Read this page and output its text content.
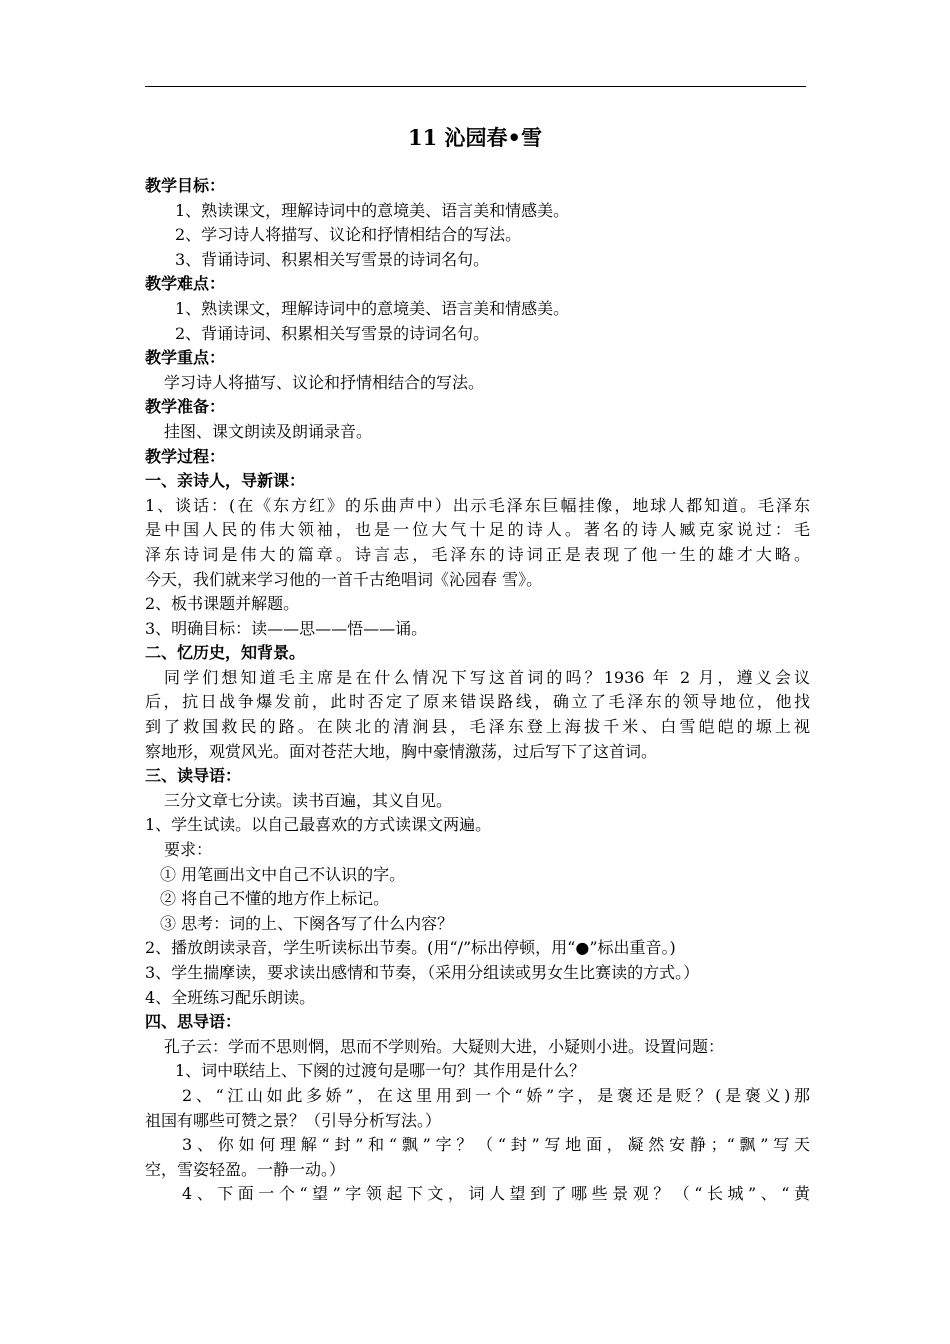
11 沁园春•雪
教学目标：
1、熟读课文，理解诗词中的意境美、语言美和情感美。
2、学习诗人将描写、议论和抒情相结合的写法。
3、背诵诗词、积累相关写雪景的诗词名句。
教学难点：
1、熟读课文，理解诗词中的意境美、语言美和情感美。
2、背诵诗词、积累相关写雪景的诗词名句。
教学重点：
学习诗人将描写、议论和抒情相结合的写法。
教学准备：
挂图、课文朗读及朗诵录音。
教学过程：
一、亲诗人，导新课：
1、谈话：(在《东方红》的乐曲声中）出示毛泽东巨幅挂像，地球人都知道。毛泽东
是中国人民的伟大领袖，也是一位大气十足的诗人。著名的诗人臧克家说过：毛
泽东诗词是伟大的篇章。诗言志，毛泽东的诗词正是表现了他一生的雄才大略。
今天，我们就来学习他的一首千古绝唱词《沁园春 雪》。
2、板书课题并解题。
3、明确目标：读——思——悟——诵。
二、忆历史，知背景。
同学们想知道毛主席是在什么情况下写这首词的吗？1936 年 2 月，遵义会议
后，抗日战争爆发前，此时否定了原来错误路线，确立了毛泽东的领导地位，他找
到了救国救民的路。在陕北的清涧县，毛泽东登上海拔千米、白雪皑皑的塬上视
察地形，观赏风光。面对苍茫大地，胸中豪情激荡，过后写下了这首词。
三、读导语：
三分文章七分读。读书百遍，其义自见。
1、学生试读。以自己最喜欢的方式读课文两遍。
要求：
① 用笔画出文中自己不认识的字。
② 将自己不懂的地方作上标记。
③ 思考：词的上、下阕各写了什么内容？
2、播放朗读录音，学生听读标出节奏。(用“/”标出停顿，用“●”标出重音。)
3、学生揣摩读，要求读出感情和节奏，（采用分组读或男女生比赛读的方式。）
4、全班练习配乐朗读。
四、思导语：
孔子云：学而不思则惘，思而不学则殆。大疑则大进，小疑则小进。设置问题：
1、词中联结上、下阕的过渡句是哪一句？其作用是什么？
2、“江山如此多娇”，在这里用到一个“娇”字，是褒还是贬？(是褒义)那
祖国有哪些可赞之景？（引导分析写法。）
3、你如何理解“封”和“飘”字？（“封”写地面，凝然安静；“飘”写天
空，雪姿轻盈。一静一动。）
4、下面一个“望”字领起下文，词人望到了哪些景观？（“长城”、“黄
